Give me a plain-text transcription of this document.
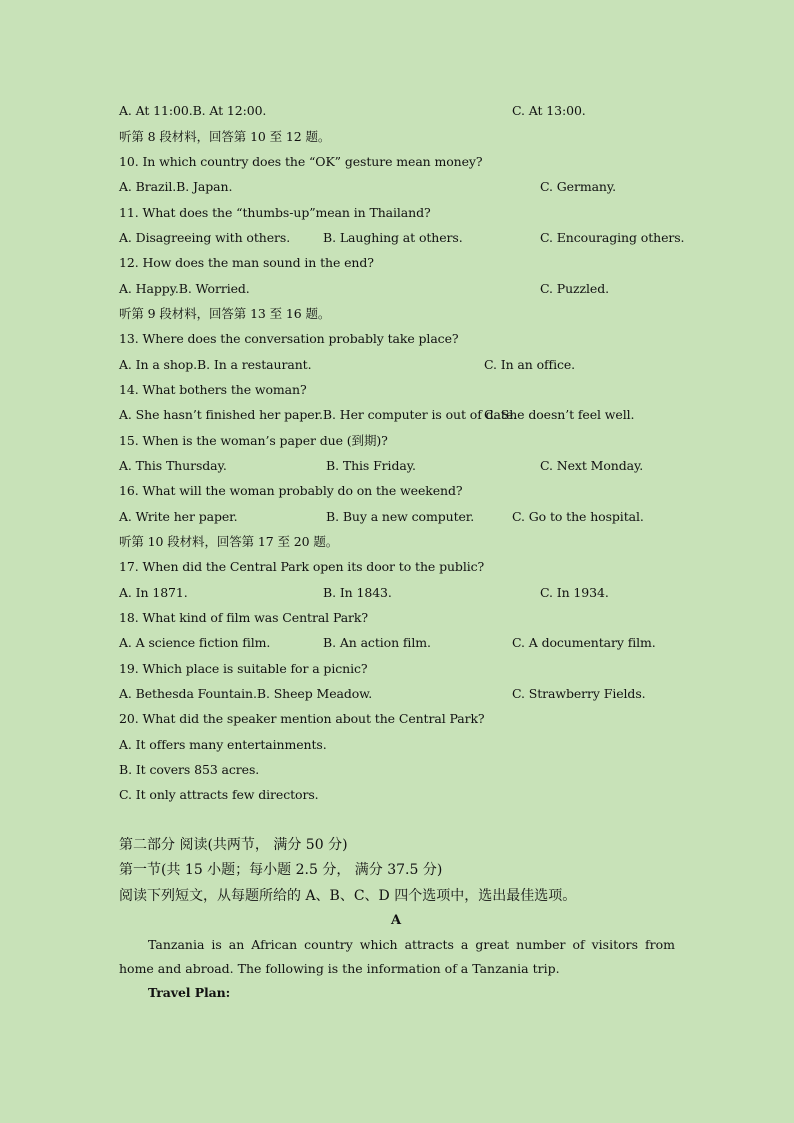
A. At 11:00.B. At 12:00.	C. At 13:00.
听第 8 段材料，回答第 10 至 12 题。
10. In which country does the “OK” gesture mean money?
A. Brazil.B. Japan.	C. Germany.
11. What does the “thumbs-up”mean in Thailand?
A. Disagreeing with others.	B. Laughing at others.	C. Encouraging others.
12. How does the man sound in the end?
A. Happy.B. Worried.	C. Puzzled.
听第 9 段材料，回答第 13 至 16 题。
13. Where does the conversation probably take place?
A. In a shop.B. In a restaurant.	C. In an office.
14. What bothers the woman?
A. She hasn’t finished her paper.B. Her computer is out of date.
C. She doesn’t feel well.
15. When is the woman’s paper due (到期)?
A. This Thursday.	B. This Friday.	C. Next Monday.
16. What will the woman probably do on the weekend?
A. Write her paper.	B. Buy a new computer.	C. Go to the hospital.
听第 10 段材料，回答第 17 至 20 题。
17. When did the Central Park open its door to the public?
A. In 1871.	B. In 1843.	C. In 1934.
18. What kind of film was Central Park?
A. A science fiction film.	B. An action film.	C. A documentary film.
19. Which place is suitable for a picnic?
A. Bethesda Fountain.B. Sheep Meadow.	C. Strawberry Fields.
20. What did the speaker mention about the Central Park?
A. It offers many entertainments.
B. It covers 853 acres.
C. It only attracts few directors.
第二部分 阅读(共两节， 满分 50 分)
第一节(共 15 小题；每小题 2.5 分， 满分 37.5 分)
阅读下列短文，从每题所给的 A、B、C、D 四个选项中，选出最佳选项。
A
Tanzania is an African country which attracts a great number of visitors from home and abroad. The following is the information of a Tanzania trip.
Travel Plan:
